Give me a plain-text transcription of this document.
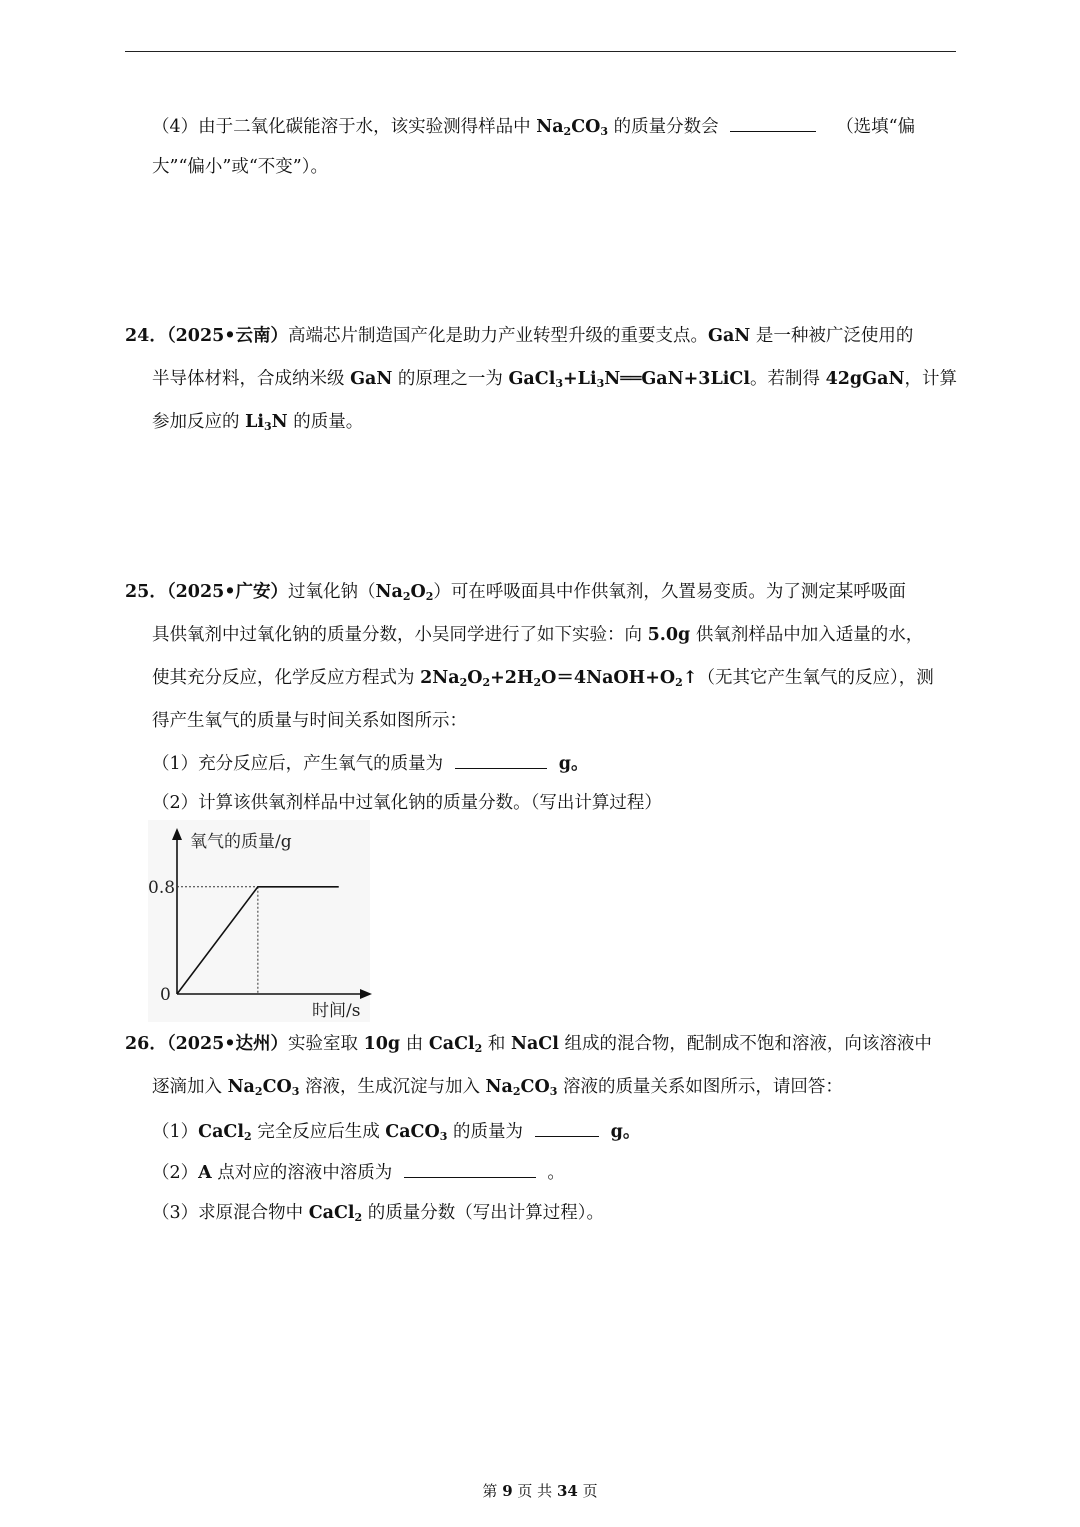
（4）由于二氧化碳能溶于水，该实验测得样品中 $Na_2CO_3$ 的质量分数会	（选填“偏
大”“偏小”或“不变”）。
24．（2025•云南）高端芯片制造国产化是助力产业转型升级的重要支点。GaN 是一种被广泛使用的
半导体材料，合成纳米级 GaN 的原理之一为 $GaCl_3+Li_3N══GaN+3LiCl$。若制得 42gGaN，计算
参加反应的 $Li_3N$ 的质量。
25．（2025•广安）过氧化钠$(Na_2O_2)$可在呼吸面具中作供氧剂，久置易变质。为了测定某呼吸面
具供氧剂中过氧化钠的质量分数，小吴同学进行了如下实验：向 5.0g 供氧剂样品中加入适量的水，
使其充分反应，化学反应方程式为 $2Na_2O_2+2H_2O=4NaOH+O_2↑$（无其它产生氧气的反应），测
得产生氧气的质量与时间关系如图所示：
（1）充分反应后，产生氧气的质量为	g。
（2）计算该供氧剂样品中过氧化钠的质量分数。（写出计算过程）
氧气的质量/g
时间/s
0
0.8
26．（2025•达州）实验室取 10g 由 CaCl$_2$ 和 NaCl 组成的混合物，配制成不饱和溶液，向该溶液中
逐滴加入 $Na_2CO_3$ 溶液，生成沉淀与加入 $Na_2CO_3$ 溶液的质量关系如图所示，请回答：
（1）CaCl$_2$ 完全反应后生成 CaCO$_3$ 的质量为	g。
（2）A 点对应的溶液中溶质为	。
（3）求原混合物中 CaCl$_2$ 的质量分数（写出计算过程）。
第 9 页 共 34 页
